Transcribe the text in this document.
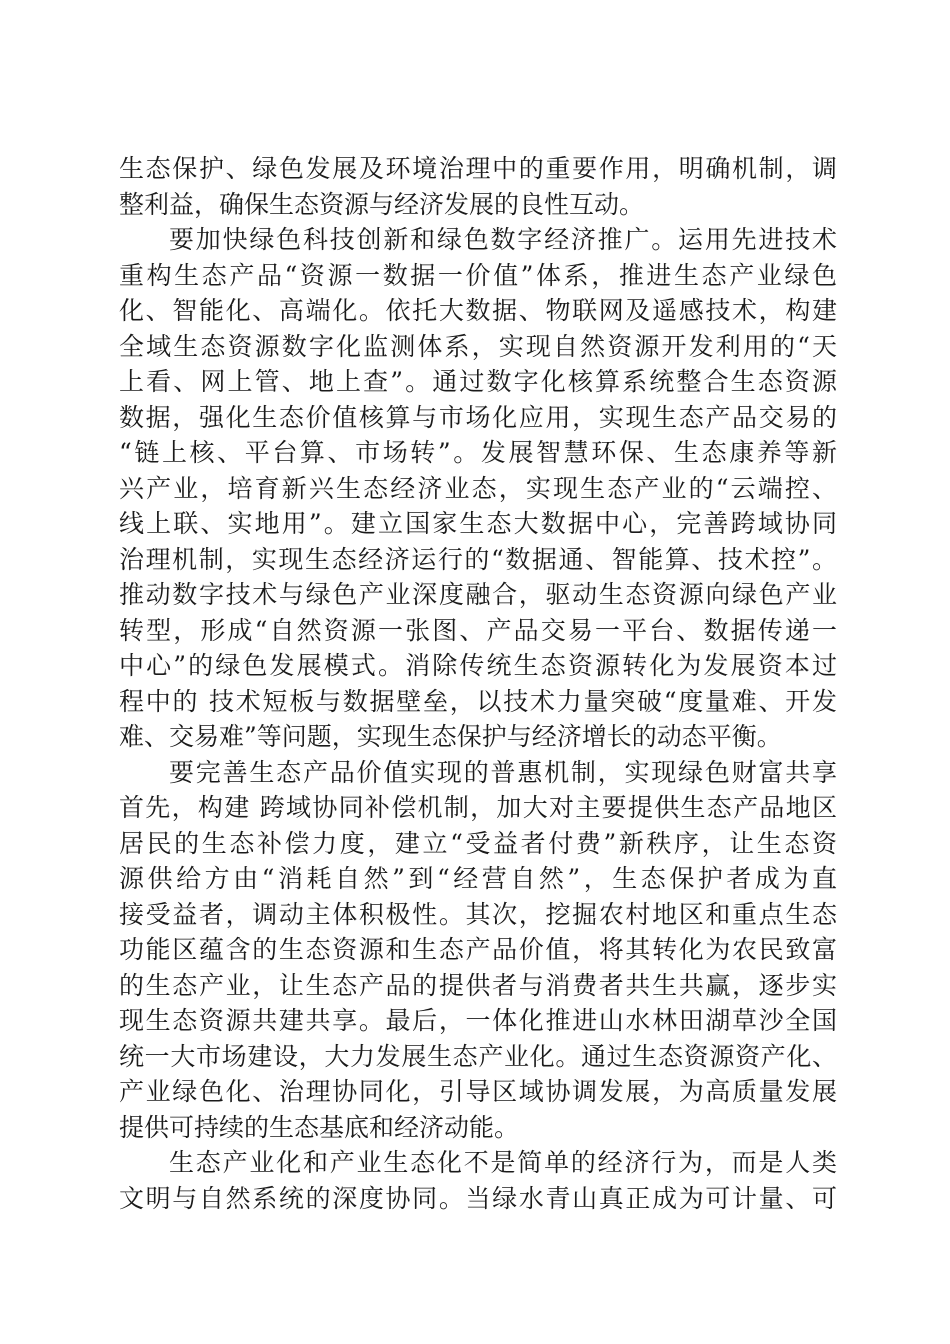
生态保护、绿色发展及环境治理中的重要作用，明确机制，调
整利益，确保生态资源与经济发展的良性互动。
要加快绿色科技创新和绿色数字经济推广。运用先进技术
重构生态产品“资源一数据一价值”体系，推进生态产业绿色
化、智能化、高端化。依托大数据、物联网及遥感技术，构建
全域生态资源数字化监测体系，实现自然资源开发利用的“天
上看、网上管、地上查”。通过数字化核算系统整合生态资源
数据，强化生态价值核算与市场化应用，实现生态产品交易的
“链上核、平台算、市场转”。发展智慧环保、生态康养等新
兴产业，培育新兴生态经济业态，实现生态产业的“云端控、
线上联、实地用”。建立国家生态大数据中心，完善跨域协同
治理机制，实现生态经济运行的“数据通、智能算、技术控”。
推动数字技术与绿色产业深度融合，驱动生态资源向绿色产业
转型，形成“自然资源一张图、产品交易一平台、数据传递一
中心”的绿色发展模式。消除传统生态资源转化为发展资本过
程中的 技术短板与数据壁垒，以技术力量突破“度量难、开发
难、交易难”等问题，实现生态保护与经济增长的动态平衡。
要完善生态产品价值实现的普惠机制，实现绿色财富共享
首先，构建 跨域协同补偿机制，加大对主要提供生态产品地区
居民的生态补偿力度，建立“受益者付费”新秩序，让生态资
源供给方由“消耗自然”到“经营自然”，生态保护者成为直
接受益者，调动主体积极性。其次，挖掘农村地区和重点生态
功能区蕴含的生态资源和生态产品价值，将其转化为农民致富
的生态产业，让生态产品的提供者与消费者共生共赢，逐步实
现生态资源共建共享。最后，一体化推进山水林田湖草沙全国
统一大市场建设，大力发展生态产业化。通过生态资源资产化、
产业绿色化、治理协同化，引导区域协调发展，为高质量发展
提供可持续的生态基底和经济动能。
生态产业化和产业生态化不是简单的经济行为，而是人类
文明与自然系统的深度协同。当绿水青山真正成为可计量、可
